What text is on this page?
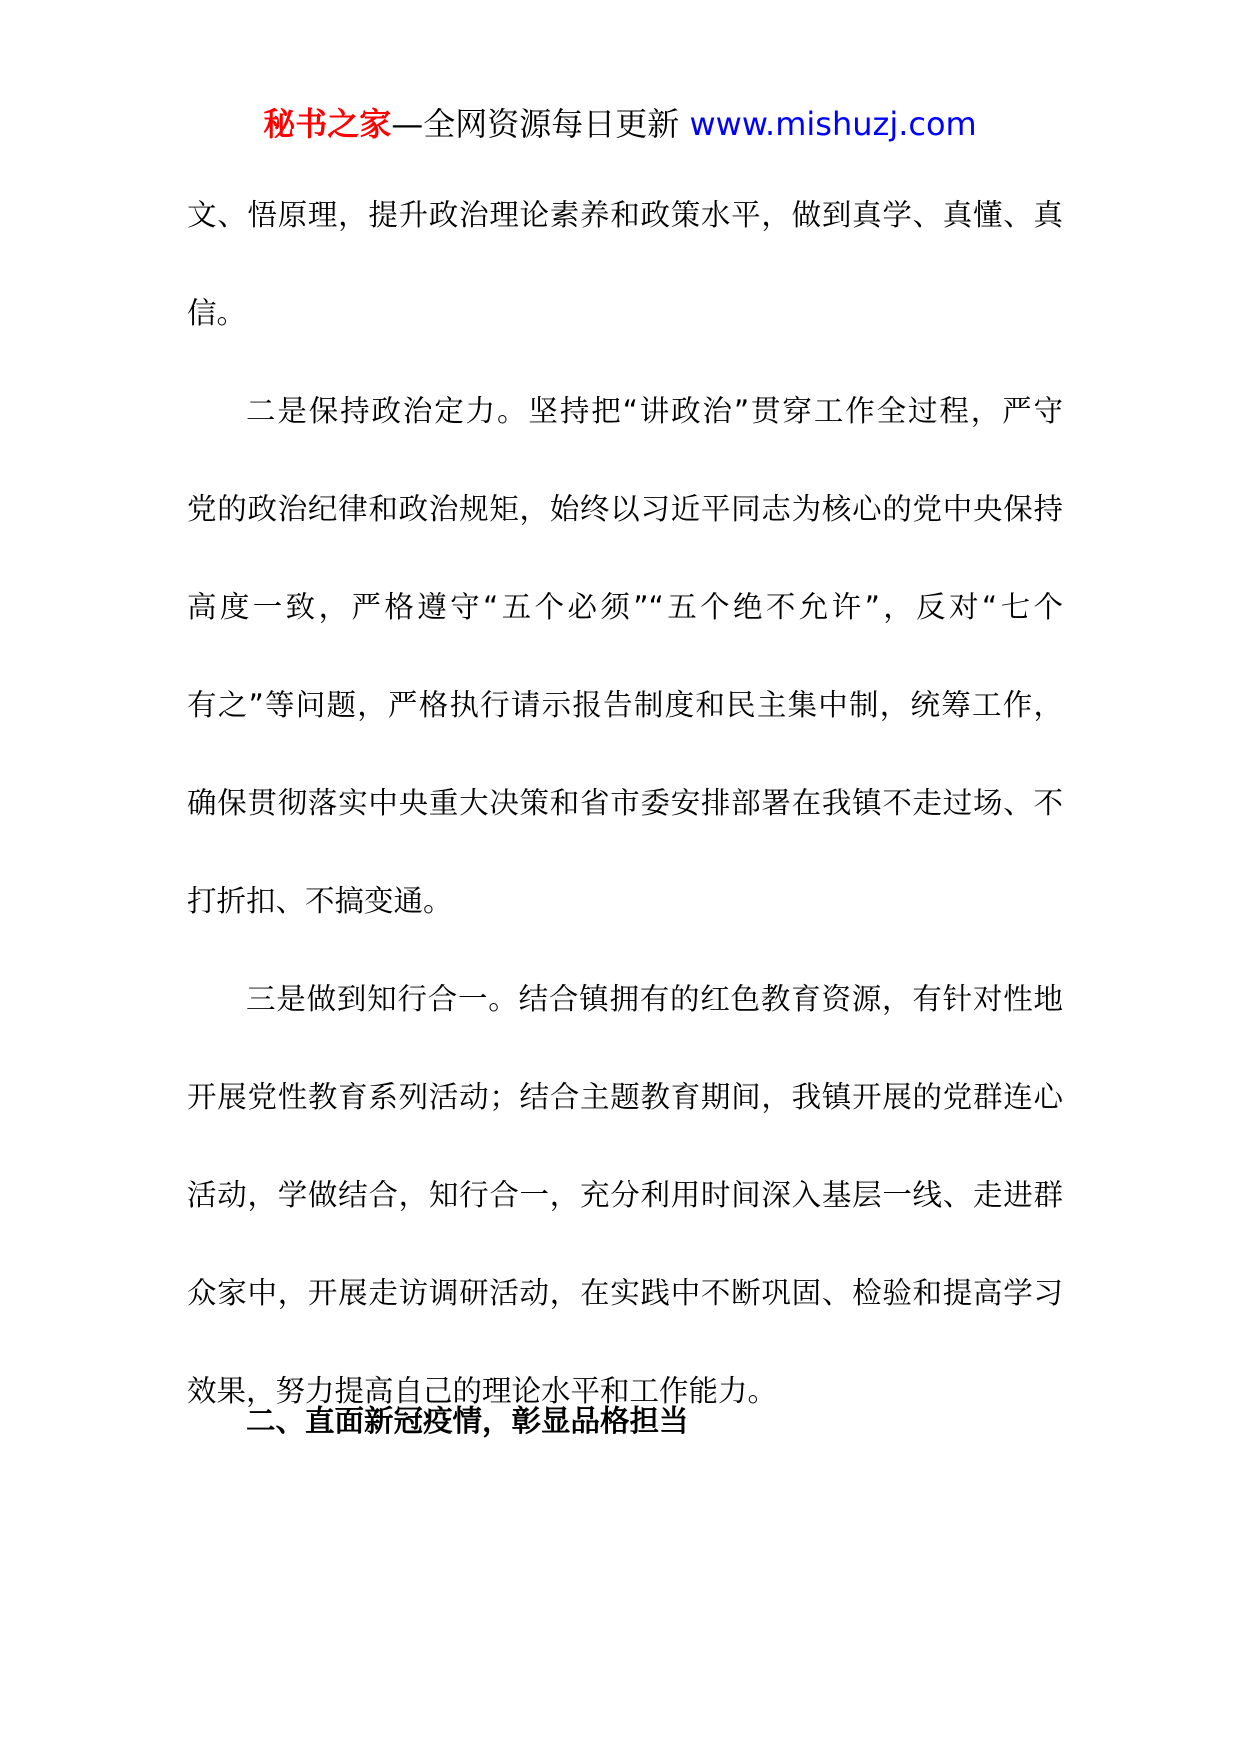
秘书之家—全网资源每日更新 www.mishuzj.com

文、悟原理，提升政治理论素养和政策水平，做到真学、真懂、真
信。

二是保持政治定力。坚持把“讲政治”贯穿工作全过程，严守
党的政治纪律和政治规矩，始终以习近平同志为核心的党中央保持
高度一致，严格遵守“五个必须”“五个绝不允许”，反对“七个
有之”等问题，严格执行请示报告制度和民主集中制，统筹工作，
确保贯彻落实中央重大决策和省市委安排部署在我镇不走过场、不
打折扣、不搞变通。

三是做到知行合一。结合镇拥有的红色教育资源，有针对性地
开展党性教育系列活动；结合主题教育期间，我镇开展的党群连心
活动，学做结合，知行合一，充分利用时间深入基层一线、走进群
众家中，开展走访调研活动，在实践中不断巩固、检验和提高学习
效果，努力提高自己的理论水平和工作能力。

二、直面新冠疫情，彰显品格担当
